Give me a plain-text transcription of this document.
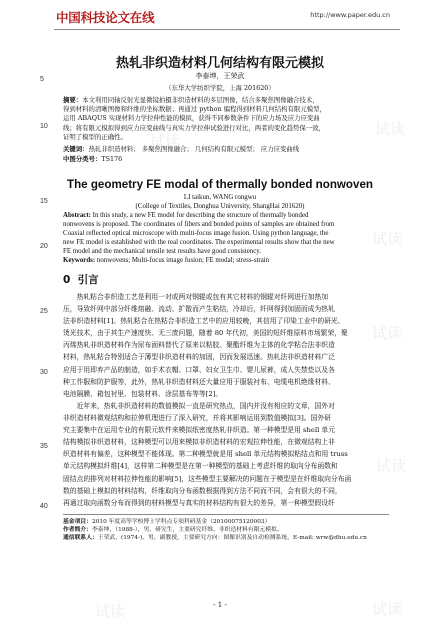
中国科技论文在线	http://www.paper.edu.cn
试读
试读
试读
试读
试读
试读	试读
5
10
15
20
25
30
35
40
热轧非织造材料几何结构有限元模拟
李泰坤，王荣武
（东华大学纺织学院，上海 201620）
摘要：本文利用同轴反射光显微镜拍摄非织造材料的多层图像，结合多聚焦图像融合技术，
得到材料的清晰图像和纤维的坐标数据；再通过 python 编程得到材料几何结构有限元模型，
运用 ABAQUS 实现材料力学拉伸性能的模拟，获得不同参数条件下的应力场及应力应变曲
线；将有限元模拟得到应力应变曲线与真实力学拉伸试验进行对比，两者的变化趋势保一致，
证明了模型的正确性。
关键词：热轧非织造材料； 多聚焦图像融合； 几何结构有限元模型； 应力应变曲线
中图分类号：TS176
The geometry FE modal of thermally bonded nonwoven
LI taikun, WANG rongwu
(College of Textiles, Donghua University, ShangHai 201620)
Abstract: In this study, a new FE model for describing the structure of thermally bonded
nonwovens is proposed. The coordinates of fibers and bonded points of samples are obtained from
Coaxial reflected optical microscope with multi-focus image fusion. Using python language, the
new FE model is established with the real coordinates. The experimental results show that the new
FE model and the mechanical tensile test results have good consistency.
Keywords: nonwovens; Multi-focus image fusion; FE modal; stress-strain
0 引言
热轧粘合非织造工艺是利用一对或两对钢辊或包有其它材料的钢辊对纤网进行加热加
压，导致纤网中部分纤维熔融、流动、扩散而产生粘结，冷却后，纤网得到加固而成为热轧
法非织造材料[1]。热轧粘合在热粘合非织造工艺中的应用较晚，其信用了印染工业中的研光、
烫光技术，由于其生产速度快、无三废问题，随着 80 年代初，美国的短纤维原料市场繁荣，聚
丙烯热轧非织造材料作为尿布面料替代了原来以粘胶、聚酯纤维为主体的化学粘合法非织造
材料，热轧粘合特别适合于薄型非织造材料的加固，因而发展迅速。热轧法非织造材料广泛
应用于用即弃产品的制造，如手术衣帽、口罩、妇女卫生巾、婴儿尿裤，成人失禁垫以及各
种工作服和防护服等，此外，热轧非织造材料还大量应用于服装衬布、电缆电机绝缘材料、
电池隔膜、箱包衬里、包装材料、涂层基布等等[2]。
近年来，热轧非织造材料的数值模拟一直是研究热点，国内并没有相应的文章，国外对
非织造材料微观结构和拉伸机理进行了深入研究，并将其影响运用到数值模拟[3]。国外研
究主要集中在运用专业的有限元软件来模拟纸密度热轧非织造。第一种模型是用 shell 单元
结构模拟非织造材料，这种模型可以用来模拟非织造材料的宏观拉伸性能，在微观结构上非
织造材料有偏差，这种模型不能体现。第二种模型就是用 shell 单元结构模拟粘结点和用 truss
单元结构模拟纤维[4]，这样第二种模型是在第一种模型的基础上考虑纤维的取向分布函数和
固结点的排列对材料拉伸性能的影响[5]，这些模型主要解决的问题在于模型是在纤维取向分布函
数的基础上模拟的材料结构，纤维取向分布函数根据得到方法不同而不同，会有很大的不同，
再通过取向函数分布而得到的材料模型与真实的材料结构有很大的差异，第一种模型假设纤
基金项目：2010 年度高等学校博士学科点专项科研基金（20100075120003）
作者简介：李泰坤，（1988-），男，研究生，主要研究纤维、非织造材料有限元模拟。
通信联系人：王荣武，(1974-)，男，副教授，主要研究方向：图像识别及自动检测系统。E-mail: wrw@dhu.edu.cn
- 1 -
